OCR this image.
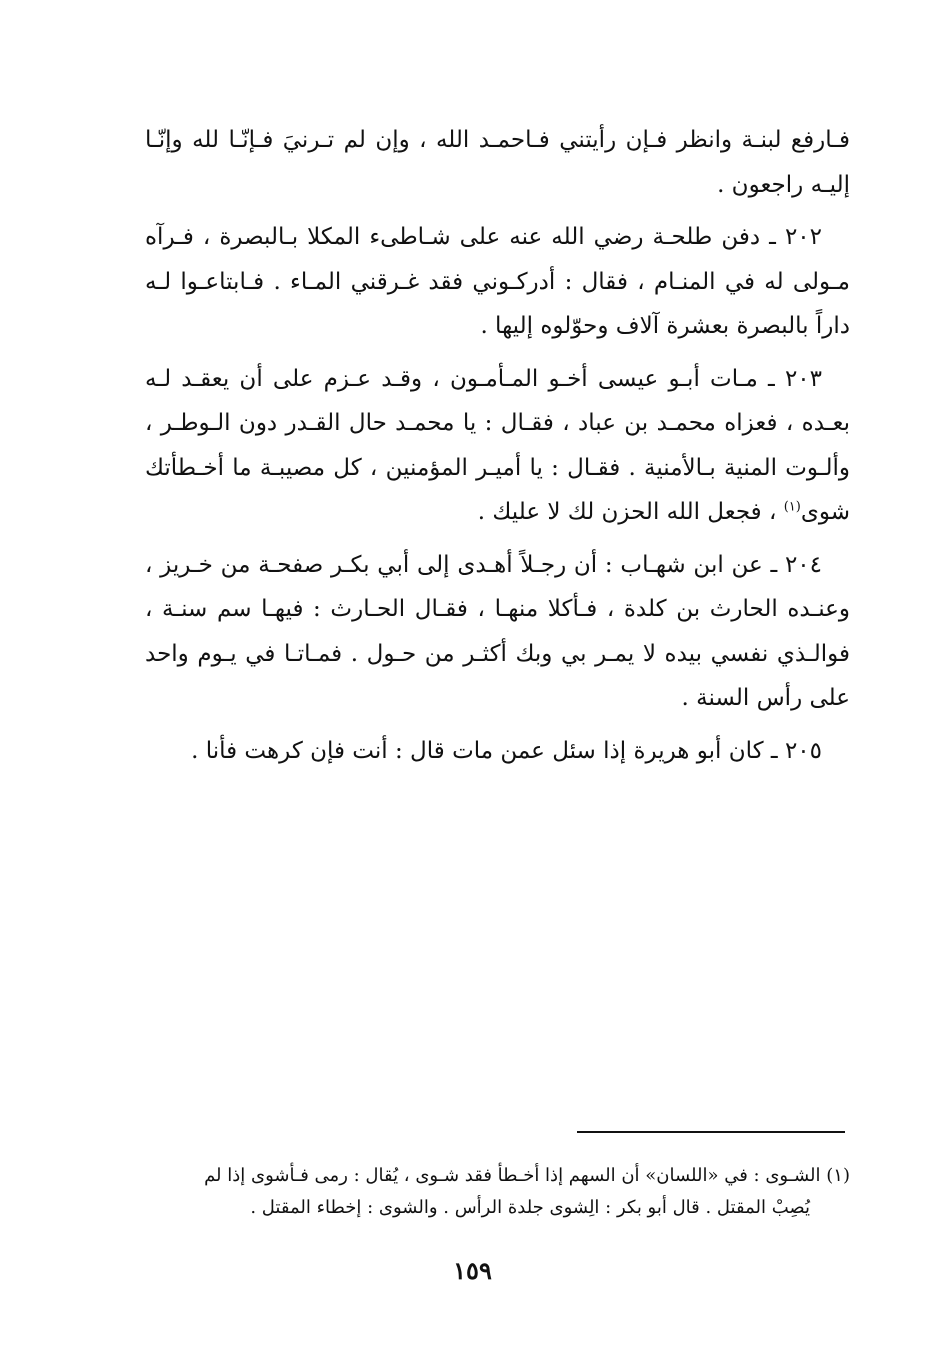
فـارفع لبنـة وانظر فـإن رأيتني فـاحمـد الله ، وإن لم تـرنيَ فـإنّـا لله وإنّـا إليـه راجعون .

٢٠٢ ـ دفن طلحـة رضي الله عنه على شـاطىء المكلا بـالبصرة ، فـرآه مـولى له في المنـام ، فقال : أدركـوني فقد غـرقني المـاء . فـابتاعـوا لـه داراً بالبصرة بعشرة آلاف وحوّلوه إليها .

٢٠٣ ـ مـات أبـو عيسى أخـو المـأمـون ، وقـد عـزم على أن يعقـد لـه بعـده ، فعزاه محمـد بن عباد ، فقـال : يا محمـد حال القـدر دون الـوطـر ، وألـوت المنية بـالأمنية . فقـال : يا أميـر المؤمنين ، كل مصيبـة ما أخـطأتك شوى$^{(١)}$ ، فجعل الله الحزن لك لا عليك .

٢٠٤ ـ عن ابن شهـاب : أن رجـلاً أهـدى إلى أبي بكـر صفحـة من خـريز ، وعنـده الحارث بن كلدة ، فـأكلا منهـا ، فقـال الحـارث : فيهـا سم سنـة ، فوالـذي نفسي بيده لا يمـر بي وبك أكثـر من حـول . فمـاتـا في يـوم واحد على رأس السنة .

٢٠٥ ـ كان أبو هريرة إذا سئل عمن مات قال : أنت فإن كرهت فأنا .

(١) الشـوى : في «اللسان» أن السهم إذا أخـطأ فقد شـوى ، يُقال : رمى فـأشوى إذا لم

يُصِبْ المقتل . قال أبو بكر : الِشوى جلدة الرأس . والشوى : إخطاء المقتل .

١٥٩
